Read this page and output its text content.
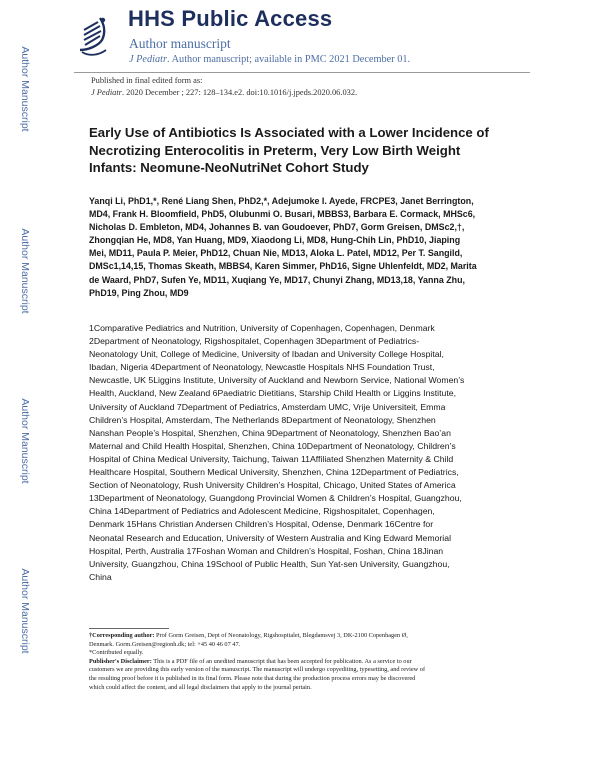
HHS Public Access
Author manuscript
J Pediatr. Author manuscript; available in PMC 2021 December 01.
Published in final edited form as:
J Pediatr. 2020 December ; 227: 128–134.e2. doi:10.1016/j.jpeds.2020.06.032.
Author Manuscript
Author Manuscript
Author Manuscript
Author Manuscript
Early Use of Antibiotics Is Associated with a Lower Incidence of
Necrotizing Enterocolitis in Preterm, Very Low Birth Weight
Infants: Neomune-NeoNutriNet Cohort Study
Yanqi Li, PhD1,*, René Liang Shen, PhD2,*, Adejumoke I. Ayede, FRCPE3, Janet Berrington,
MD4, Frank H. Bloomfield, PhD5, Olubunmi O. Busari, MBBS3, Barbara E. Cormack, MHSc6,
Nicholas D. Embleton, MD4, Johannes B. van Goudoever, PhD7, Gorm Greisen, DMSc2,†,
Zhongqian He, MD8, Yan Huang, MD9, Xiaodong Li, MD8, Hung-Chih Lin, PhD10, Jiaping
Mei, MD11, Paula P. Meier, PhD12, Chuan Nie, MD13, Aloka L. Patel, MD12, Per T. Sangild,
DMSc1,14,15, Thomas Skeath, MBBS4, Karen Simmer, PhD16, Signe Uhlenfeldt, MD2, Marita
de Waard, PhD7, Sufen Ye, MD11, Xuqiang Ye, MD17, Chunyi Zhang, MD13,18, Yanna Zhu,
PhD19, Ping Zhou, MD9
1Comparative Pediatrics and Nutrition, University of Copenhagen, Copenhagen, Denmark
2Department of Neonatology, Rigshospitalet, Copenhagen 3Department of Pediatrics-
Neonatology Unit, College of Medicine, University of Ibadan and University College Hospital,
Ibadan, Nigeria 4Department of Neonatology, Newcastle Hospitals NHS Foundation Trust,
Newcastle, UK 5Liggins Institute, University of Auckland and Newborn Service, National Women’s
Health, Auckland, New Zealand 6Paediatric Dietitians, Starship Child Health or Liggins Institute,
University of Auckland 7Department of Pediatrics, Amsterdam UMC, Vrije Universiteit, Emma
Children’s Hospital, Amsterdam, The Netherlands 8Department of Neonatology, Shenzhen
Nanshan People’s Hospital, Shenzhen, China 9Department of Neonatology, Shenzhen Bao’an
Maternal and Child Health Hospital, Shenzhen, China 10Department of Neonatology, Children’s
Hospital of China Medical University, Taichung, Taiwan 11Affiliated Shenzhen Maternity & Child
Healthcare Hospital, Southern Medical University, Shenzhen, China 12Department of Pediatrics,
Section of Neonatology, Rush University Children’s Hospital, Chicago, United States of America
13Department of Neonatology, Guangdong Provincial Women & Children’s Hospital, Guangzhou,
China 14Department of Pediatrics and Adolescent Medicine, Rigshospitalet, Copenhagen,
Denmark 15Hans Christian Andersen Children’s Hospital, Odense, Denmark 16Centre for
Neonatal Research and Education, University of Western Australia and King Edward Memorial
Hospital, Perth, Australia 17Foshan Woman and Children’s Hospital, Foshan, China 18Jinan
University, Guangzhou, China 19School of Public Health, Sun Yat-sen University, Guangzhou,
China
†Corresponding author: Prof Gorm Greisen, Dept of Neonatology, Rigshospitalet, Blegdamsvej 3, DK-2100 Copenhagen Ø,
Denmark. Gorm.Greisen@regionh.dk; tel: +45 40 46 07 47.
*Contributed equally.
Publisher's Disclaimer: This is a PDF file of an unedited manuscript that has been accepted for publication. As a service to our
customers we are providing this early version of the manuscript. The manuscript will undergo copyediting, typesetting, and review of
the resulting proof before it is published in its final form. Please note that during the production process errors may be discovered
which could affect the content, and all legal disclaimers that apply to the journal pertain.
